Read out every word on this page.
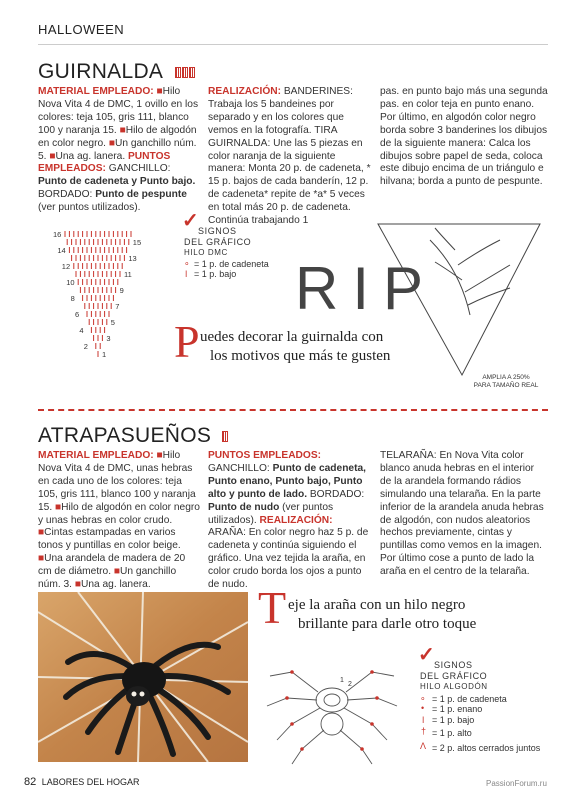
HALLOWEEN
GUIRNALDA
MATERIAL EMPLEADO: ■Hilo Nova Vita 4 de DMC, 1 ovillo en los colores: teja 105, gris 111, blanco 100 y naranja 15. ■Hilo de algodón en color negro. ■Un ganchillo núm. 5. ■Una ag. lanera. PUNTOS EMPLEADOS: GANCHILLO: Punto de cadeneta y Punto bajo. BORDADO: Punto de pespunte (ver puntos utilizados).
REALIZACIÓN: BANDERINES: Trabaja los 5 bandeines por separado y en los colores que vemos en la fotografía. TIRA GUIRNALDA: Une las 5 piezas en color naranja de la siguiente manera: Monta 20 p. de cadeneta, * 15 p. bajos de cada banderín, 12 p. de cadeneta* repite de *a* 5 veces en total más 20 p. de cadeneta. Continúa trabajando 1
pas. en punto bajo más una segunda pas. en color teja en punto enano. Por último, en algodón color negro borda sobre 3 banderines los dibujos de la siguiente manera: Calca los dibujos sobre papel de seda, coloca este dibujo encima de un triángulo e hilvana; borda a punto de pespunte.
16
14
12
10
8
6
4
2
15
13
11
9
7
5
3
1
✓ SIGNOS
DEL GRÁFICO
HILO DMC
∘ = 1 p. de cadeneta
ǀ = 1 p. bajo RIP
AMPLIA A 250%
PARA TAMAÑO REAL
P uedes decorar la guirnalda con
los motivos que más te gusten
ATRAPASUEÑOS
MATERIAL EMPLEADO: ■Hilo Nova Vita 4 de DMC, unas hebras en cada uno de los colores: teja 105, gris 111, blanco 100 y naranja 15. ■Hilo de algodón en color negro y unas hebras en color crudo. ■Cintas estampadas en varios tonos y puntillas en color beige. ■Una arandela de madera de 20 cm de diámetro. ■Un ganchillo núm. 3. ■Una ag. lanera.
PUNTOS EMPLEADOS: GANCHILLO: Punto de cadeneta, Punto enano, Punto bajo, Punto alto y punto de lado. BORDADO: Punto de nudo (ver puntos utilizados). REALIZACIÓN: ARAÑA: En color negro haz 5 p. de cadeneta y continúa siguiendo el gráfico. Una vez tejida la araña, en color crudo borda los ojos a punto de nudo.
TELARAÑA: En Nova Vita color blanco anuda hebras en el interior de la arandela formando rádios simulando una telaraña. En la parte inferior de la arandela anuda hebras de algodón, con nudos aleatorios hechos previamente, cintas y puntillas como vemos en la imagen. Por último cose a punto de lado la araña en el centro de la telaraña.
T eje la araña con un hilo negro
brillante para darle otro toque
1
2
✓ SIGNOS
DEL GRÁFICO
HILO ALGODÓN
∘ = 1 p. de cadeneta
• = 1 p. enano
ǀ = 1 p. bajo
† = 1 p. alto
Λ = 2 p. altos cerrados juntos
82 LABORES DEL HOGAR	PassionForum.ru
